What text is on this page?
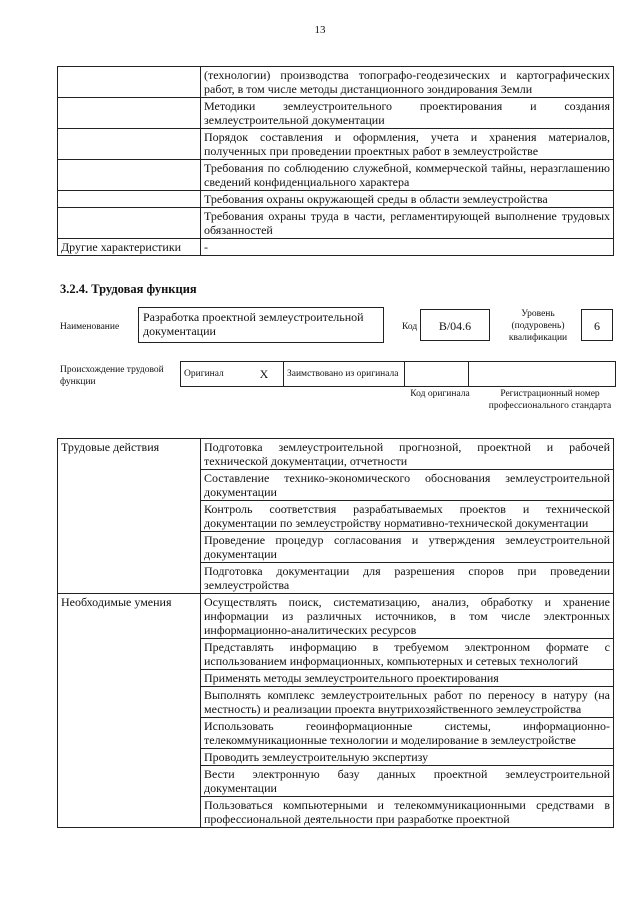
13
	(технологии) производства топографо-геодезических и картографических работ, в том числе методы дистанционного зондирования Земли
	Методики землеустроительного проектирования и создания землеустроительной документации
	Порядок составления и оформления, учета и хранения материалов, полученных при проведении проектных работ в землеустройстве
	Требования по соблюдению служебной, коммерческой тайны, неразглашению сведений конфиденциального характера
	Требования охраны окружающей среды в области землеустройства
	Требования охраны труда в части, регламентирующей выполнение трудовых обязанностей
Другие характеристики	-
3.2.4. Трудовая функция
Наименование
Разработка проектной землеустроительной документации	Код	B/04.6
Уровень (подуровень) квалификации
6
Происхождение трудовой функции
Оригинал	X	Заимствовано из оригинала		
Код оригинала	Регистрационный номер профессионального стандарта
Трудовые действия	Подготовка землеустроительной прогнозной, проектной и рабочей технической документации, отчетности
	Составление технико-экономического обоснования землеустроительной документации
	Контроль соответствия разрабатываемых проектов и технической документации по землеустройству нормативно-технической документации
	Проведение процедур согласования и утверждения землеустроительной документации
	Подготовка документации для разрешения споров при проведении землеустройства
Необходимые умения	Осуществлять поиск, систематизацию, анализ, обработку и хранение информации из различных источников, в том числе электронных информационно-аналитических ресурсов
	Представлять информацию в требуемом электронном формате с использованием информационных, компьютерных и сетевых технологий
	Применять методы землеустроительного проектирования
	Выполнять комплекс землеустроительных работ по переносу в натуру (на местность) и реализации проекта внутрихозяйственного землеустройства
	Использовать геоинформационные системы, информационно-телекоммуникационные технологии и моделирование в землеустройстве
	Проводить землеустроительную экспертизу
	Вести электронную базу данных проектной землеустроительной документации
	Пользоваться компьютерными и телекоммуникационными средствами в профессиональной деятельности при разработке проектной
